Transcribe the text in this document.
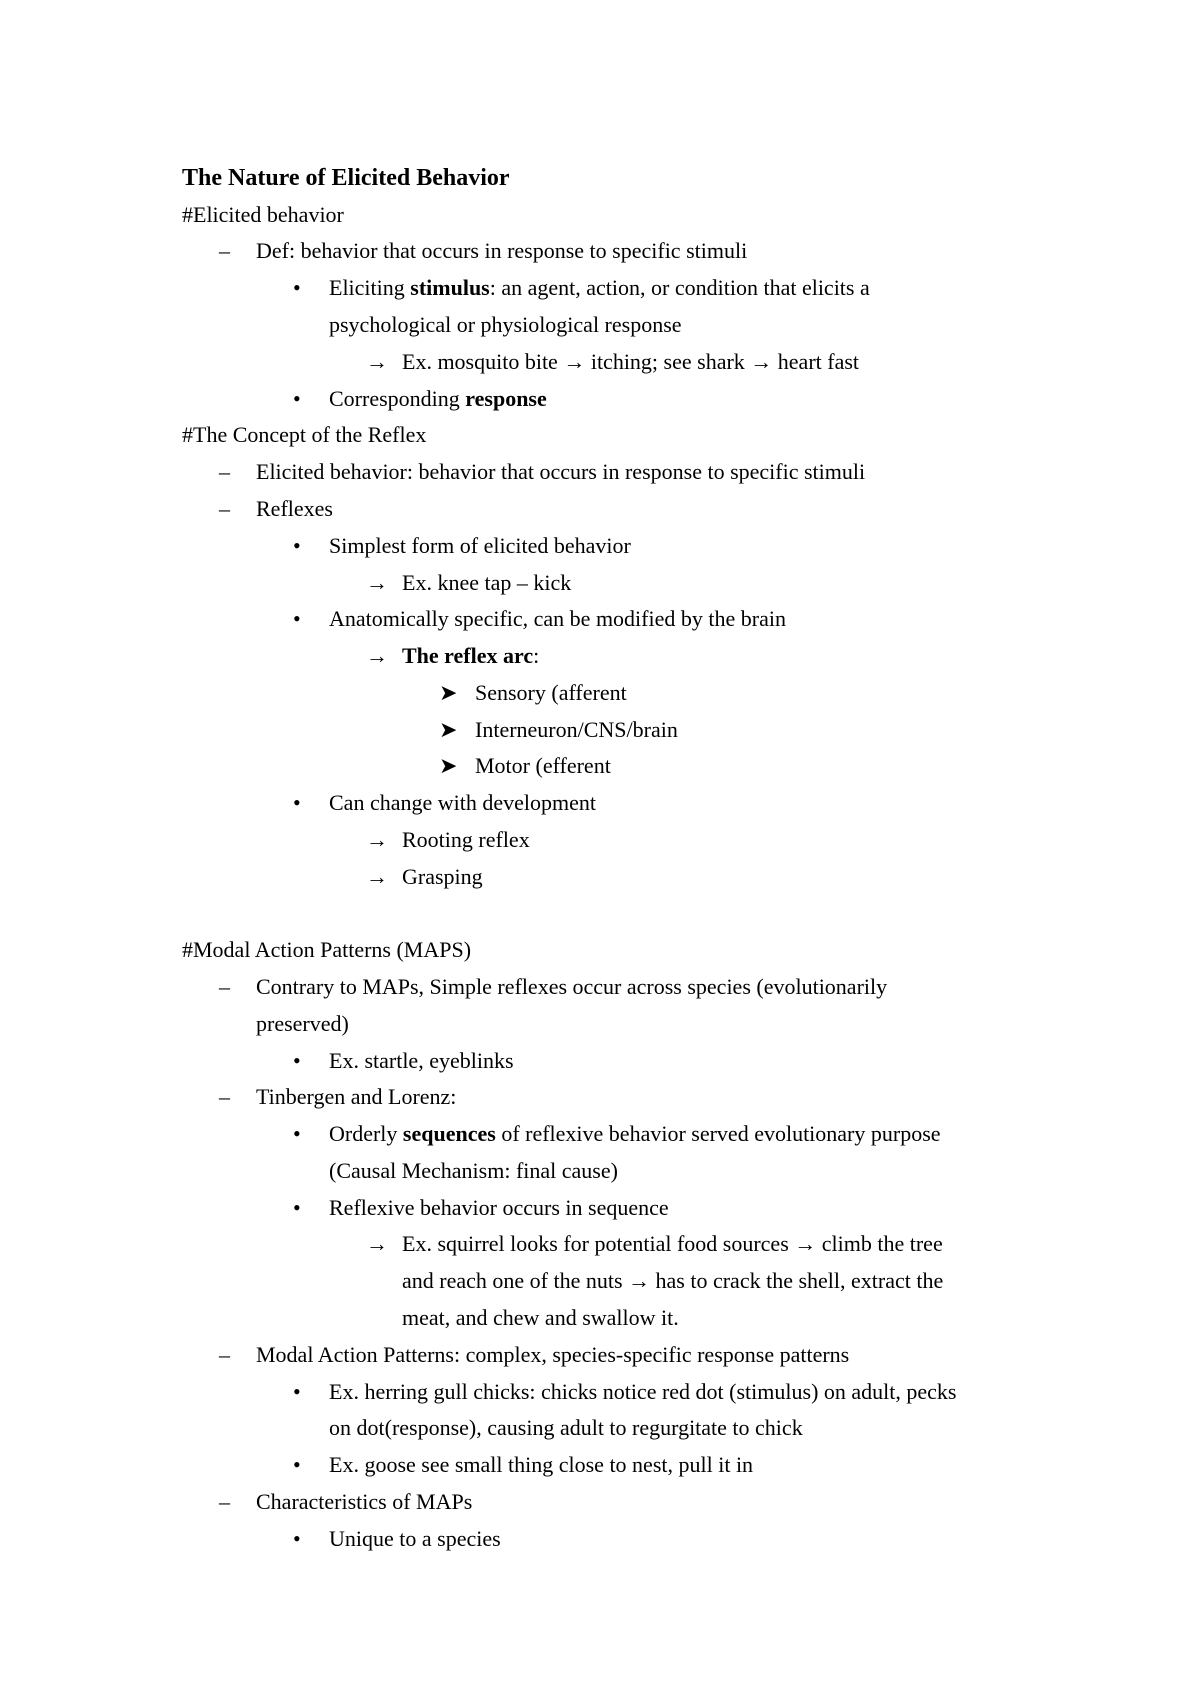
The Nature of Elicited Behavior
#Elicited behavior
– Def: behavior that occurs in response to specific stimuli
• Eliciting stimulus: an agent, action, or condition that elicits a
psychological or physiological response
→ Ex. mosquito bite → itching; see shark → heart fast
• Corresponding response
#The Concept of the Reflex
– Elicited behavior: behavior that occurs in response to specific stimuli
– Reflexes
• Simplest form of elicited behavior
→ Ex. knee tap – kick
• Anatomically specific, can be modified by the brain
→ The reflex arc:
➤ Sensory (afferent
➤ Interneuron/CNS/brain
➤ Motor (efferent
• Can change with development
→ Rooting reflex
→ Grasping
#Modal Action Patterns (MAPS)
– Contrary to MAPs, Simple reflexes occur across species (evolutionarily
preserved)
• Ex. startle, eyeblinks
– Tinbergen and Lorenz:
• Orderly sequences of reflexive behavior served evolutionary purpose
(Causal Mechanism: final cause)
• Reflexive behavior occurs in sequence
→ Ex. squirrel looks for potential food sources → climb the tree
and reach one of the nuts → has to crack the shell, extract the
meat, and chew and swallow it.
– Modal Action Patterns: complex, species-specific response patterns
• Ex. herring gull chicks: chicks notice red dot (stimulus) on adult, pecks
on dot(response), causing adult to regurgitate to chick
• Ex. goose see small thing close to nest, pull it in
– Characteristics of MAPs
• Unique to a species
